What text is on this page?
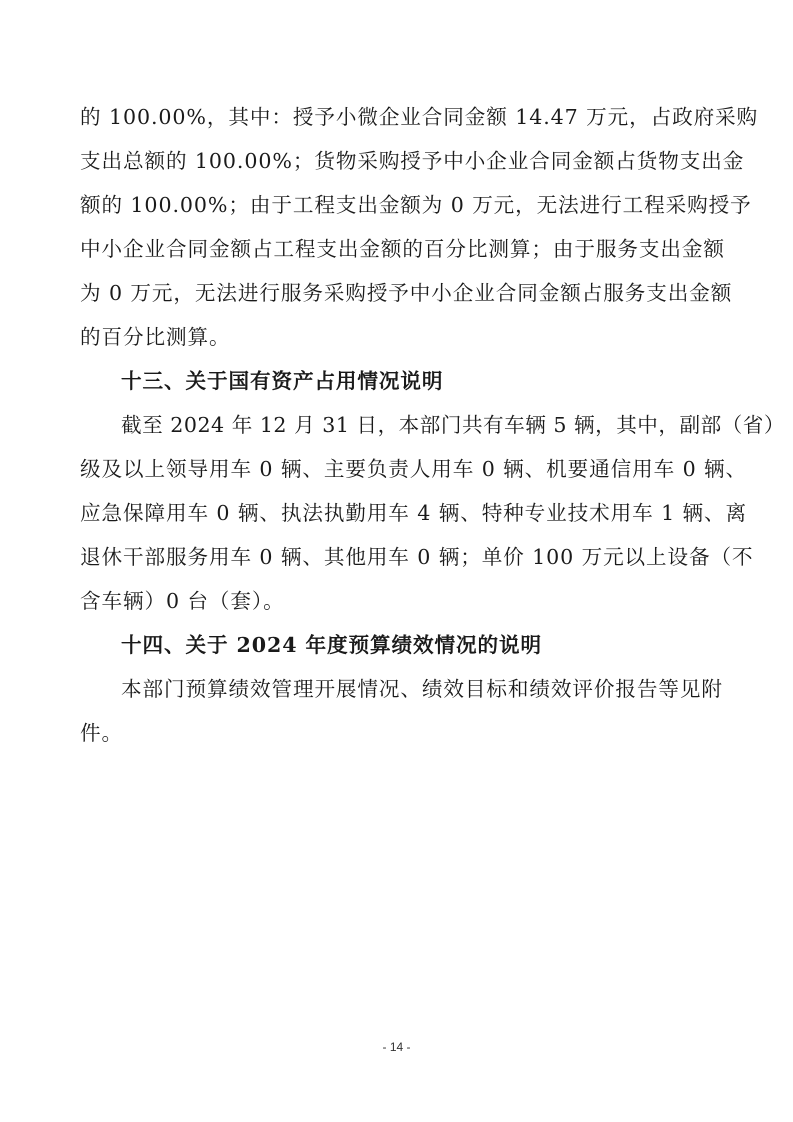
的 100.00%，其中：授予小微企业合同金额 14.47 万元，占政府采购
支出总额的 100.00%；货物采购授予中小企业合同金额占货物支出金
额的 100.00%；由于工程支出金额为 0 万元，无法进行工程采购授予
中小企业合同金额占工程支出金额的百分比测算；由于服务支出金额
为 0 万元，无法进行服务采购授予中小企业合同金额占服务支出金额
的百分比测算。
十三、关于国有资产占用情况说明
截至 2024 年 12 月 31 日，本部门共有车辆 5 辆，其中，副部（省）
级及以上领导用车 0 辆、主要负责人用车 0 辆、机要通信用车 0 辆、
应急保障用车 0 辆、执法执勤用车 4 辆、特种专业技术用车 1 辆、离
退休干部服务用车 0 辆、其他用车 0 辆；单价 100 万元以上设备（不
含车辆）0 台（套）。
十四、关于 2024 年度预算绩效情况的说明
本部门预算绩效管理开展情况、绩效目标和绩效评价报告等见附
件。
- 14 -
